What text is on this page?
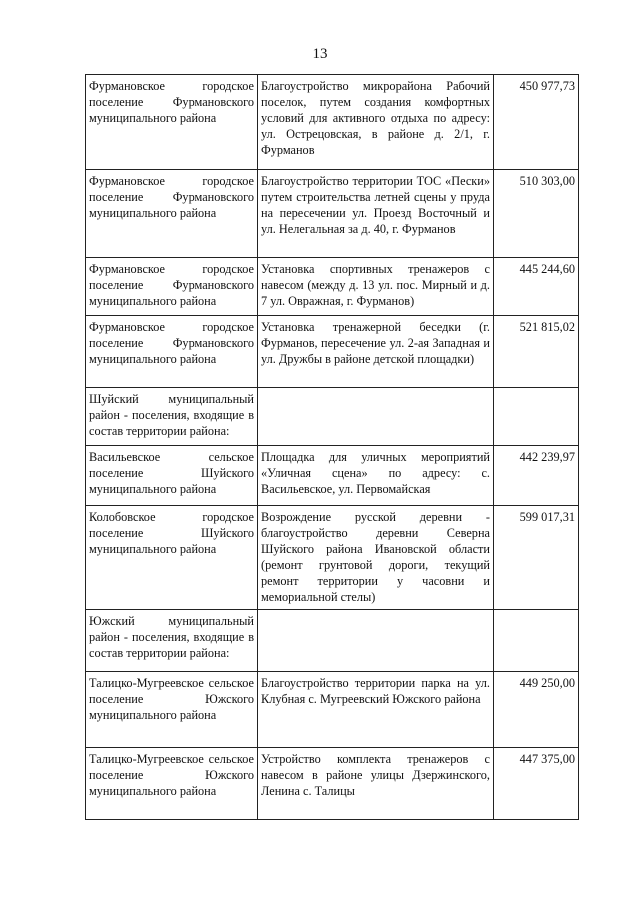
13
Фурмановское городское поселение Фурмановского муниципального района	Благоустройство микрорайона Рабочий поселок, путем создания комфортных условий для активного отдыха по адресу: ул. Острецовская, в районе д. 2/1, г. Фурманов	450 977,73
Фурмановское городское поселение Фурмановского муниципального района	Благоустройство территории ТОС «Пески» путем строительства летней сцены у пруда на пересечении ул. Проезд Восточный и ул. Нелегальная за д. 40, г. Фурманов	510 303,00
Фурмановское городское поселение Фурмановского муниципального района	Установка спортивных тренажеров с навесом (между д. 13 ул. пос. Мирный и д. 7 ул. Овражная, г. Фурманов)	445 244,60
Фурмановское городское поселение Фурмановского муниципального района	Установка тренажерной беседки (г. Фурманов, пересечение ул. 2-ая Западная и ул. Дружбы в районе детской площадки)	521 815,02
Шуйский муниципальный район - поселения, входящие в состав территории района:		
Васильевское сельское поселение Шуйского муниципального района	Площадка для уличных мероприятий «Уличная сцена» по адресу: с. Васильевское, ул. Первомайская	442 239,97
Колобовское городское поселение Шуйского муниципального района	Возрождение русской деревни - благоустройство деревни Северна Шуйского района Ивановской области (ремонт грунтовой дороги, текущий ремонт территории у часовни и мемориальной стелы)	599 017,31
Южский муниципальный район - поселения, входящие в состав территории района:		
Талицко-Мугреевское сельское поселение Южского муниципального района	Благоустройство территории парка на ул. Клубная с. Мугреевский Южского района	449 250,00
Талицко-Мугреевское сельское поселение Южского муниципального района	Устройство комплекта тренажеров с навесом в районе улицы Дзержинского, Ленина с. Талицы	447 375,00
